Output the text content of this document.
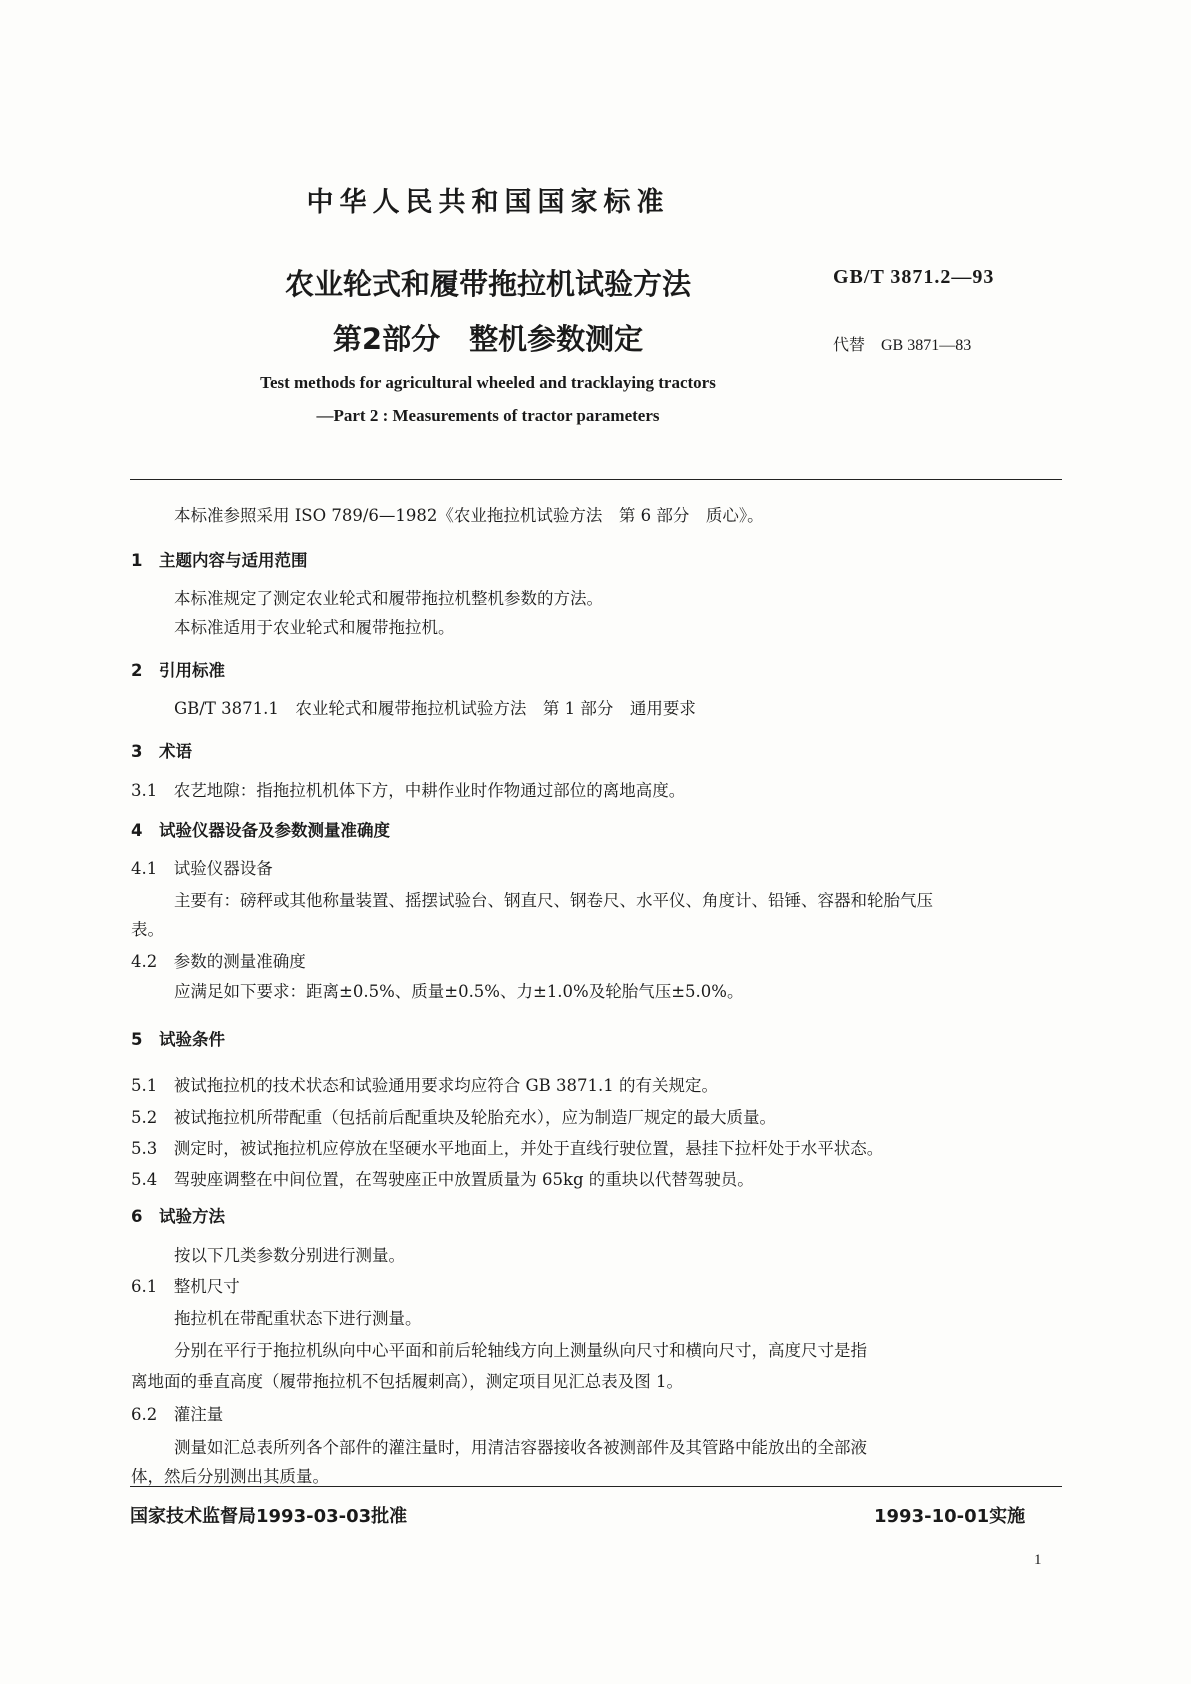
中华人民共和国国家标准
农业轮式和履带拖拉机试验方法
第2部分　整机参数测定
GB/T 3871.2—93
代替　GB 3871—83
Test methods for agricultural wheeled and tracklaying tractors
—Part 2 : Measurements of tractor parameters
本标准参照采用 ISO 789/6—1982《农业拖拉机试验方法　第 6 部分　质心》。
1　主题内容与适用范围
本标准规定了测定农业轮式和履带拖拉机整机参数的方法。
本标准适用于农业轮式和履带拖拉机。
2　引用标准
GB/T 3871.1　农业轮式和履带拖拉机试验方法　第 1 部分　通用要求
3　术语
3.1　农艺地隙：指拖拉机机体下方，中耕作业时作物通过部位的离地高度。
4　试验仪器设备及参数测量准确度
4.1　试验仪器设备
主要有：磅秤或其他称量装置、摇摆试验台、钢直尺、钢卷尺、水平仪、角度计、铅锤、容器和轮胎气压
表。
4.2　参数的测量准确度
应满足如下要求：距离±0.5%、质量±0.5%、力±1.0%及轮胎气压±5.0%。
5　试验条件
5.1　被试拖拉机的技术状态和试验通用要求均应符合 GB 3871.1 的有关规定。
5.2　被试拖拉机所带配重（包括前后配重块及轮胎充水），应为制造厂规定的最大质量。
5.3　测定时，被试拖拉机应停放在坚硬水平地面上，并处于直线行驶位置，悬挂下拉杆处于水平状态。
5.4　驾驶座调整在中间位置，在驾驶座正中放置质量为 65kg 的重块以代替驾驶员。
6　试验方法
按以下几类参数分别进行测量。
6.1　整机尺寸
拖拉机在带配重状态下进行测量。
分别在平行于拖拉机纵向中心平面和前后轮轴线方向上测量纵向尺寸和横向尺寸，高度尺寸是指
离地面的垂直高度（履带拖拉机不包括履刺高），测定项目见汇总表及图 1。
6.2　灌注量
测量如汇总表所列各个部件的灌注量时，用清洁容器接收各被测部件及其管路中能放出的全部液
体，然后分别测出其质量。
国家技术监督局1993-03-03批准	1993-10-01实施
1
